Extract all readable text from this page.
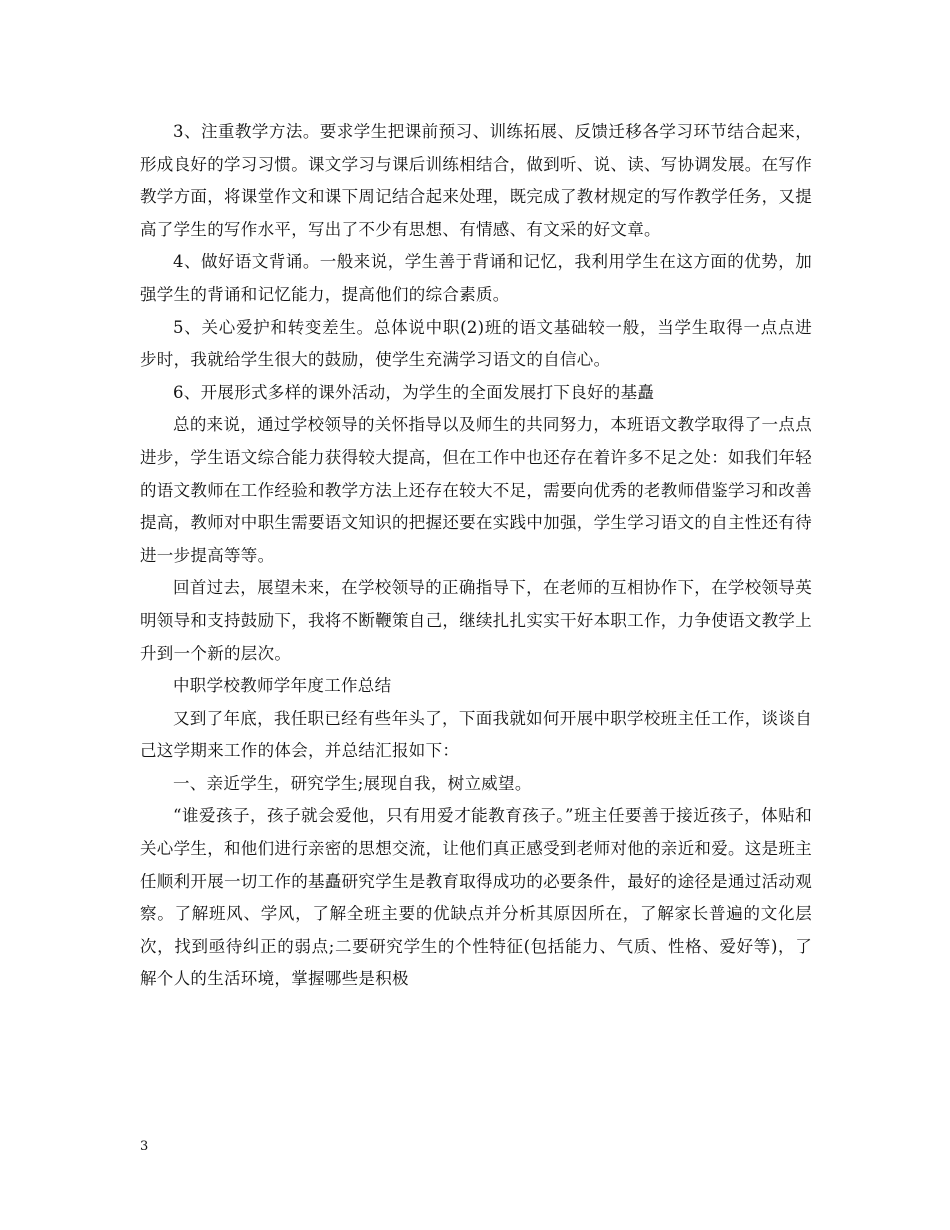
3、注重教学方法。要求学生把课前预习、训练拓展、反馈迁移各学习环节结合起来，形成良好的学习习惯。课文学习与课后训练相结合，做到听、说、读、写协调发展。在写作教学方面，将课堂作文和课下周记结合起来处理，既完成了教材规定的写作教学任务，又提高了学生的写作水平，写出了不少有思想、有情感、有文采的好文章。

4、做好语文背诵。一般来说，学生善于背诵和记忆，我利用学生在这方面的优势，加强学生的背诵和记忆能力，提高他们的综合素质。

5、关心爱护和转变差生。总体说中职(2)班的语文基础较一般，当学生取得一点点进步时，我就给学生很大的鼓励，使学生充满学习语文的自信心。

6、开展形式多样的课外活动，为学生的全面发展打下良好的基矗

总的来说，通过学校领导的关怀指导以及师生的共同努力，本班语文教学取得了一点点进步，学生语文综合能力获得较大提高，但在工作中也还存在着许多不足之处：如我们年轻的语文教师在工作经验和教学方法上还存在较大不足，需要向优秀的老教师借鉴学习和改善提高，教师对中职生需要语文知识的把握还要在实践中加强，学生学习语文的自主性还有待进一步提高等等。

回首过去，展望未来，在学校领导的正确指导下，在老师的互相协作下，在学校领导英明领导和支持鼓励下，我将不断鞭策自己，继续扎扎实实干好本职工作，力争使语文教学上升到一个新的层次。

中职学校教师学年度工作总结

又到了年底，我任职已经有些年头了，下面我就如何开展中职学校班主任工作，谈谈自己这学期来工作的体会，并总结汇报如下：

一、亲近学生，研究学生;展现自我，树立威望。

“谁爱孩子，孩子就会爱他，只有用爱才能教育孩子。”班主任要善于接近孩子，体贴和关心学生，和他们进行亲密的思想交流，让他们真正感受到老师对他的亲近和爱。这是班主任顺利开展一切工作的基矗研究学生是教育取得成功的必要条件，最好的途径是通过活动观察。了解班风、学风，了解全班主要的优缺点并分析其原因所在，了解家长普遍的文化层次，找到亟待纠正的弱点;二要研究学生的个性特征(包括能力、气质、性格、爱好等)，了解个人的生活环境，掌握哪些是积极

3
